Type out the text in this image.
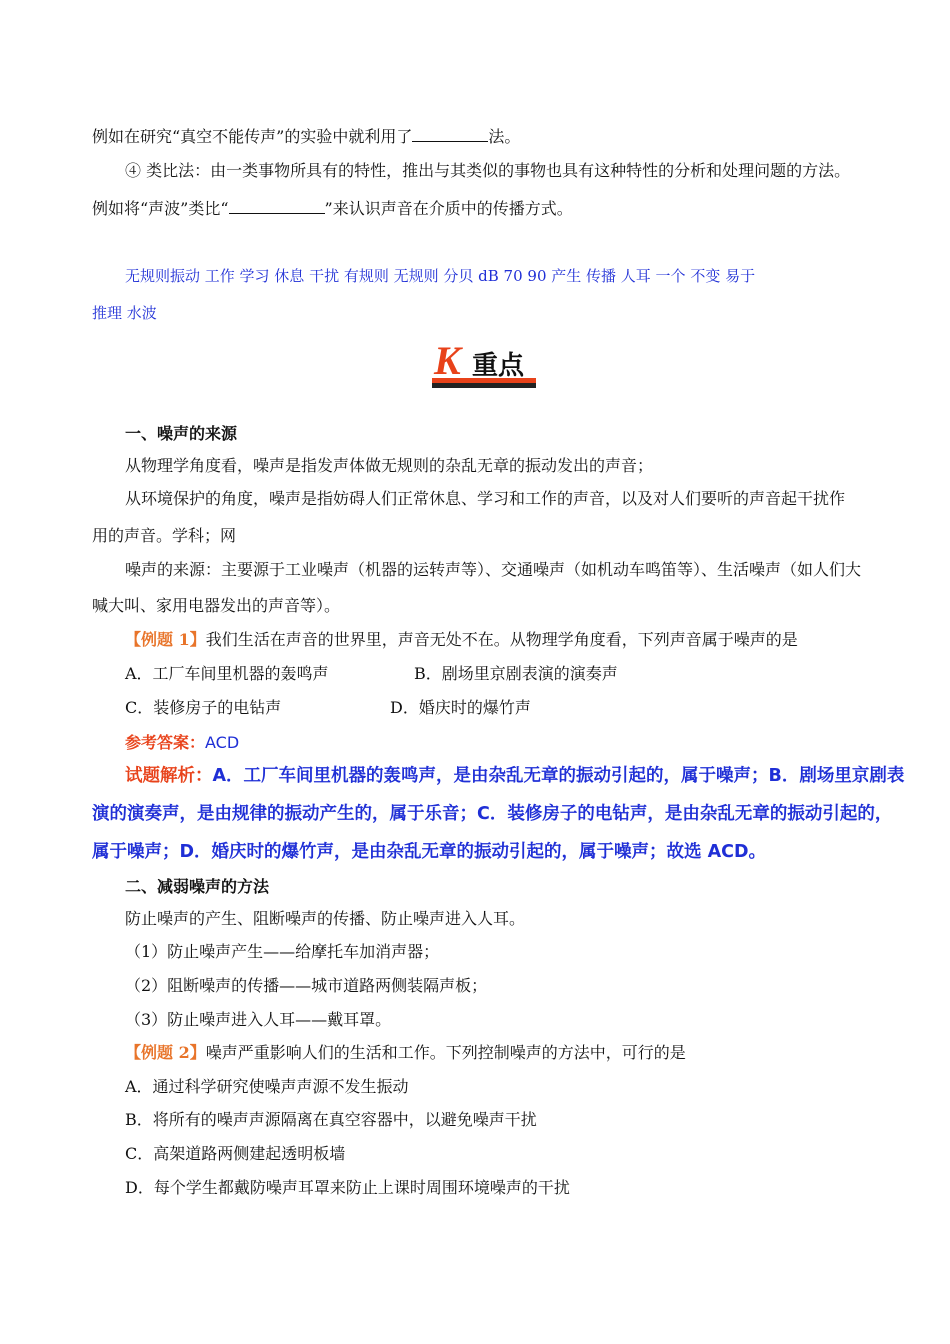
例如在研究“真空不能传声”的实验中就利用了	法。
④ 类比法：由一类事物所具有的特性，推出与其类似的事物也具有这种特性的分析和处理问题的方法。
例如将“声波”类比“	”来认识声音在介质中的传播方式。
无规则振动 工作 学习 休息 干扰 有规则 无规则 分贝 dB 70 90 产生 传播 人耳 一个 不变 易于
推理 水波
K 重点
一、噪声的来源
从物理学角度看，噪声是指发声体做无规则的杂乱无章的振动发出的声音；
从环境保护的角度，噪声是指妨碍人们正常休息、学习和工作的声音，以及对人们要听的声音起干扰作
用的声音。学科；网
噪声的来源：主要源于工业噪声（机器的运转声等）、交通噪声（如机动车鸣笛等）、生活噪声（如人们大
喊大叫、家用电器发出的声音等）。
【例题 1】我们生活在声音的世界里，声音无处不在。从物理学角度看，下列声音属于噪声的是
A．工厂车间里机器的轰鸣声	B．剧场里京剧表演的演奏声
C．装修房子的电钻声	D．婚庆时的爆竹声
参考答案：ACD
试题解析：A．工厂车间里机器的轰鸣声，是由杂乱无章的振动引起的，属于噪声；B．剧场里京剧表
演的演奏声，是由规律的振动产生的，属于乐音；C．装修房子的电钻声，是由杂乱无章的振动引起的，
属于噪声；D．婚庆时的爆竹声，是由杂乱无章的振动引起的，属于噪声；故选 ACD。
二、减弱噪声的方法
防止噪声的产生、阻断噪声的传播、防止噪声进入人耳。
（1）防止噪声产生——给摩托车加消声器；
（2）阻断噪声的传播——城市道路两侧装隔声板；
（3）防止噪声进入人耳——戴耳罩。
【例题 2】噪声严重影响人们的生活和工作。下列控制噪声的方法中，可行的是
A．通过科学研究使噪声声源不发生振动
B．将所有的噪声声源隔离在真空容器中，以避免噪声干扰
C．高架道路两侧建起透明板墙
D．每个学生都戴防噪声耳罩来防止上课时周围环境噪声的干扰
